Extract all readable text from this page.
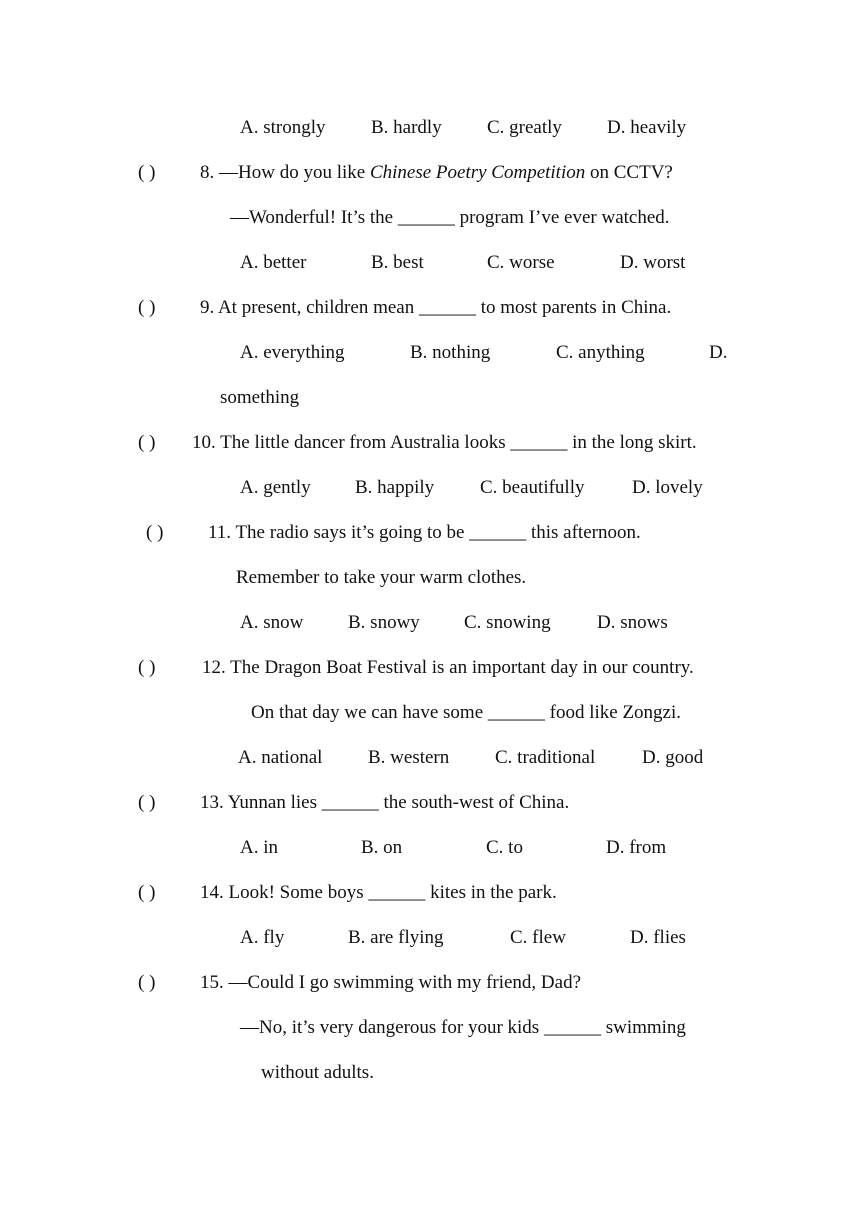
A. strongly B. hardly C. greatly D. heavily
( ) 8. —How do you like Chinese Poetry Competition on CCTV?
—Wonderful! It’s the ______ program I’ve ever watched.
A. better	B. best	C. worse	D. worst
( ) 9. At present, children mean ______ to most parents in China.
A. everything	B. nothing	C. anything	D.
something
( ) 10. The little dancer from Australia looks ______ in the long skirt.
A. gently B. happily C. beautifully	D. lovely
( ) 11. The radio says it’s going to be ______ this afternoon.
Remember to take your warm clothes.
A. snow B. snowy C. snowing D. snows
( ) 12. The Dragon Boat Festival is an important day in our country.
On that day we can have some ______ food like Zongzi.
A. national B. western C. traditional D. good
( ) 13. Yunnan lies ______ the south-west of China.
A. in	B. on	C. to	D. from
( ) 14. Look! Some boys ______ kites in the park.
A. fly	B. are flying	C. flew	D. flies
( ) 15. —Could I go swimming with my friend, Dad?
—No, it’s very dangerous for your kids ______ swimming
without adults.
